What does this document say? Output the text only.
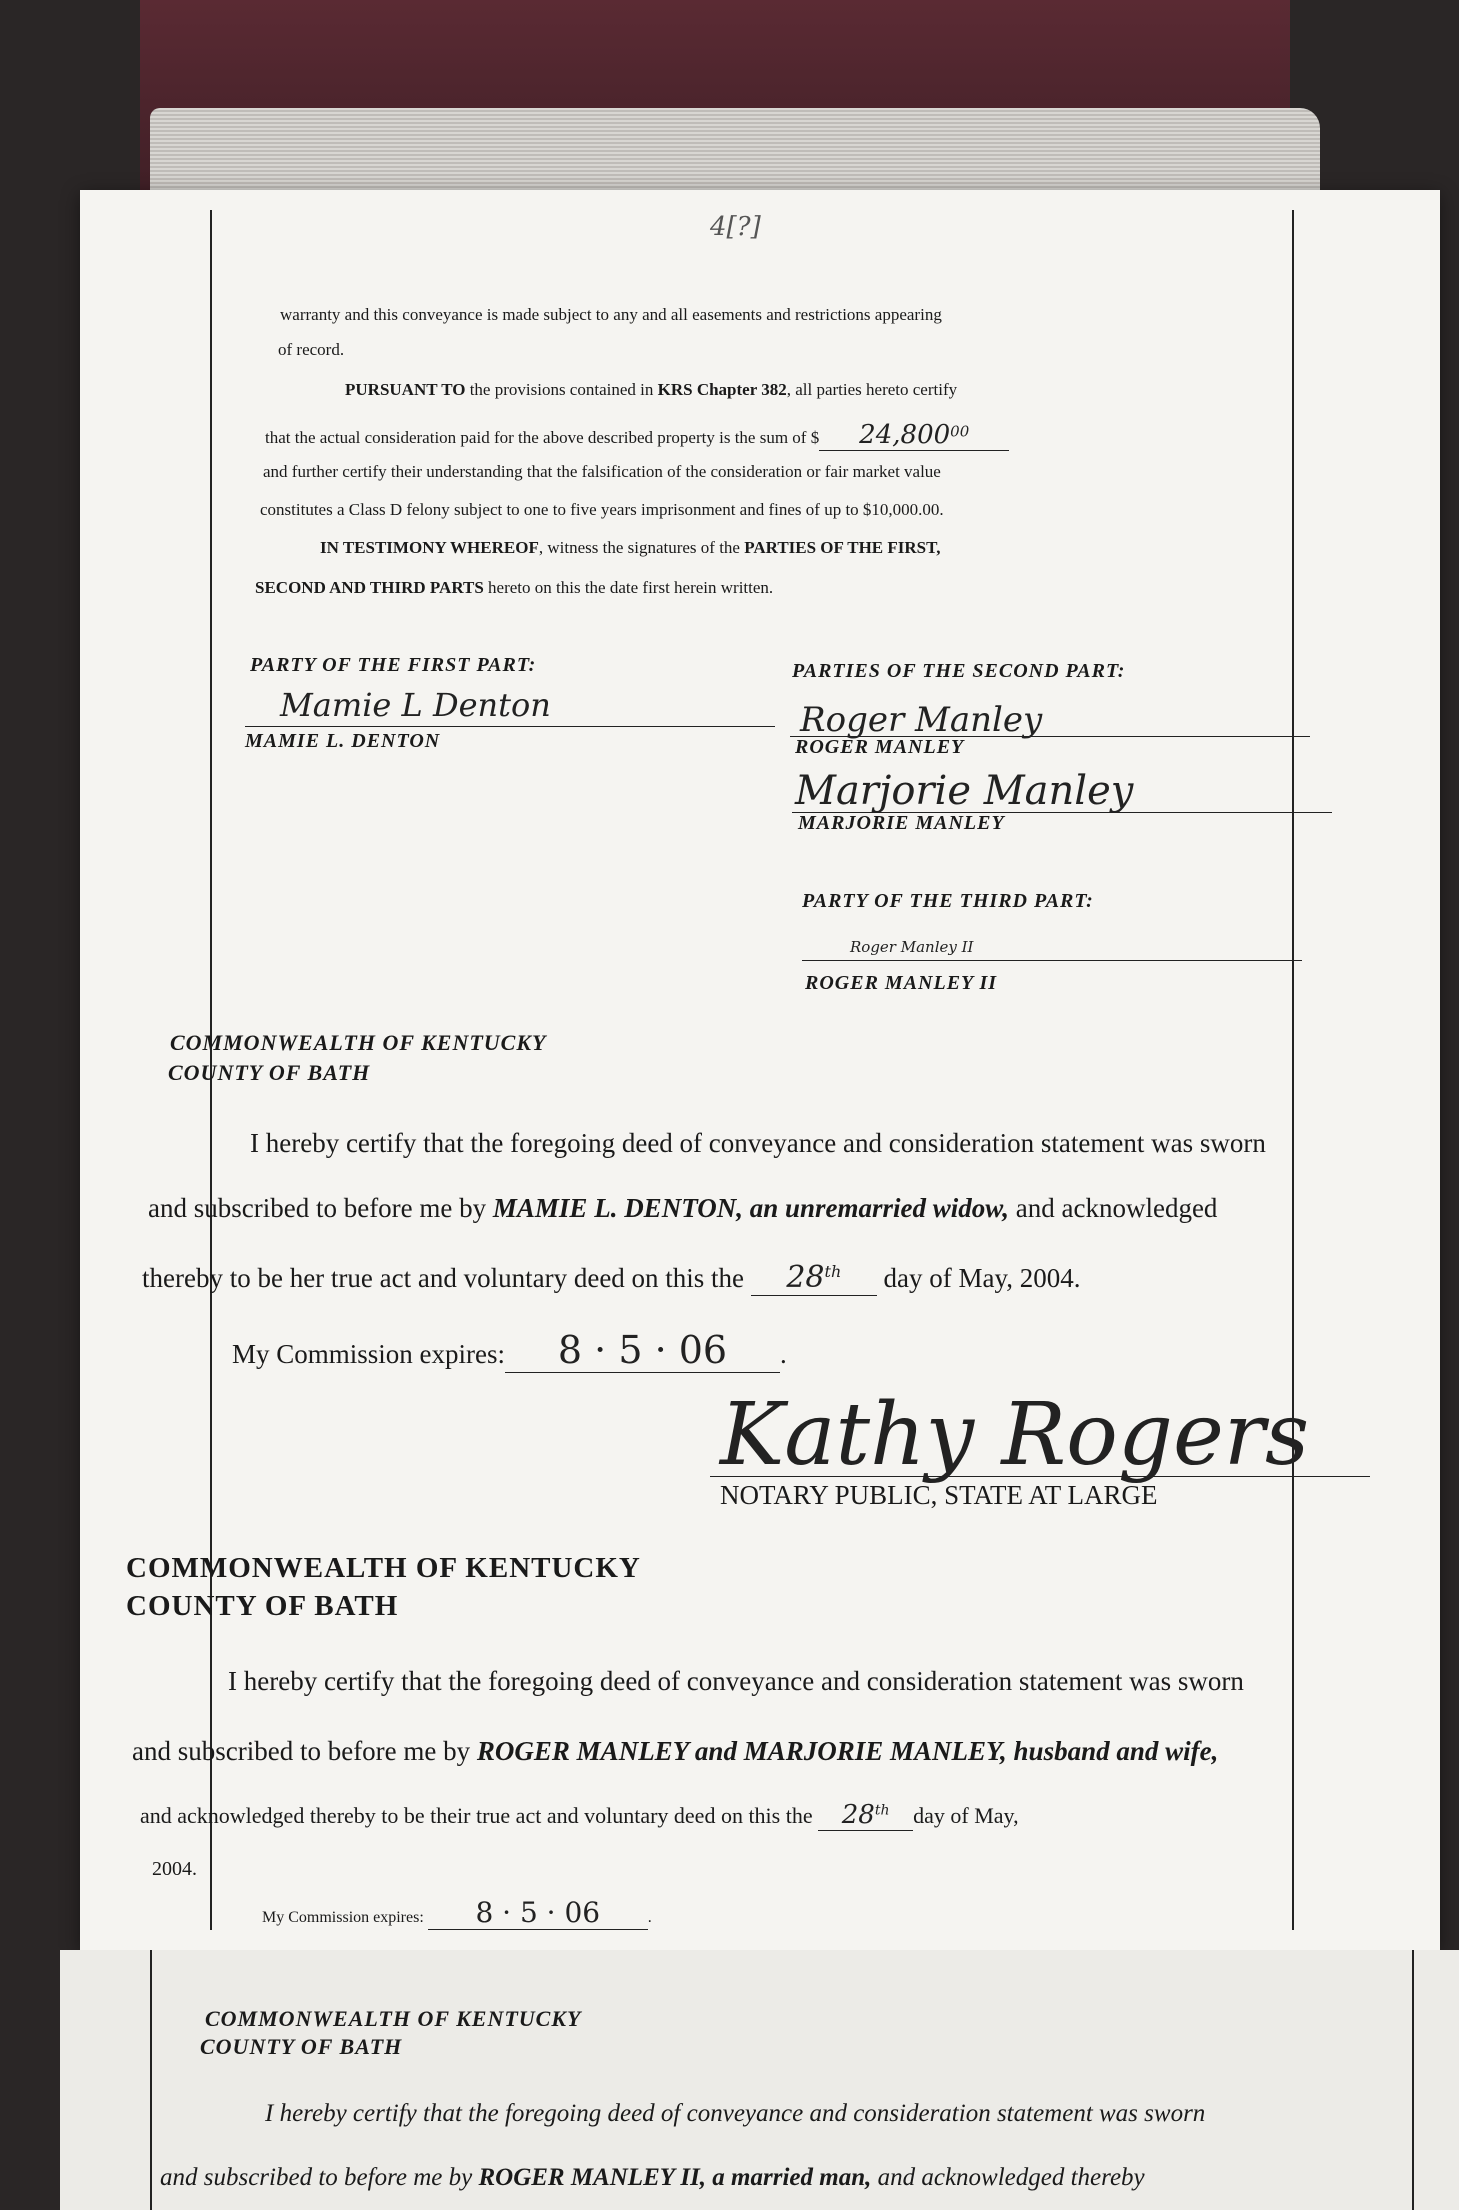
4[?]
warranty and this conveyance is made subject to any and all easements and restrictions appearing
of record.
PURSUANT TO the provisions contained in KRS Chapter 382, all parties hereto certify
that the actual consideration paid for the above described property is the sum of $ 24,800$^{00}$
and further certify their understanding that the falsification of the consideration or fair market value
constitutes a Class D felony subject to one to five years imprisonment and fines of up to $10,000.00.
IN TESTIMONY WHEREOF, witness the signatures of the PARTIES OF THE FIRST,
SECOND AND THIRD PARTS hereto on this the date first herein written.
PARTY OF THE FIRST PART:
Mamie L Denton
MAMIE L. DENTON
PARTIES OF THE SECOND PART:
Roger Manley
ROGER MANLEY
Marjorie Manley
MARJORIE MANLEY
PARTY OF THE THIRD PART:
Roger Manley II
ROGER MANLEY II
COMMONWEALTH OF KENTUCKY
COUNTY OF BATH
I hereby certify that the foregoing deed of conveyance and consideration statement was sworn
and subscribed to before me by MAMIE L. DENTON, an unremarried widow, and acknowledged
thereby to be her true act and voluntary deed on this the 28th day of May, 2004.
My Commission expires: 8 · 5 · 06 .
Kathy Rogers
NOTARY PUBLIC, STATE AT LARGE
COMMONWEALTH OF KENTUCKY
COUNTY OF BATH
I hereby certify that the foregoing deed of conveyance and consideration statement was sworn
and subscribed to before me by ROGER MANLEY and MARJORIE MANLEY, husband and wife,
and acknowledged thereby to be their true act and voluntary deed on this the 28th day of May,
2004.
My Commission expires: 8 · 5 · 06	.
COMMONWEALTH OF KENTUCKY
COUNTY OF BATH
I hereby certify that the foregoing deed of conveyance and consideration statement was sworn
and subscribed to before me by ROGER MANLEY II, a married man, and acknowledged thereby
